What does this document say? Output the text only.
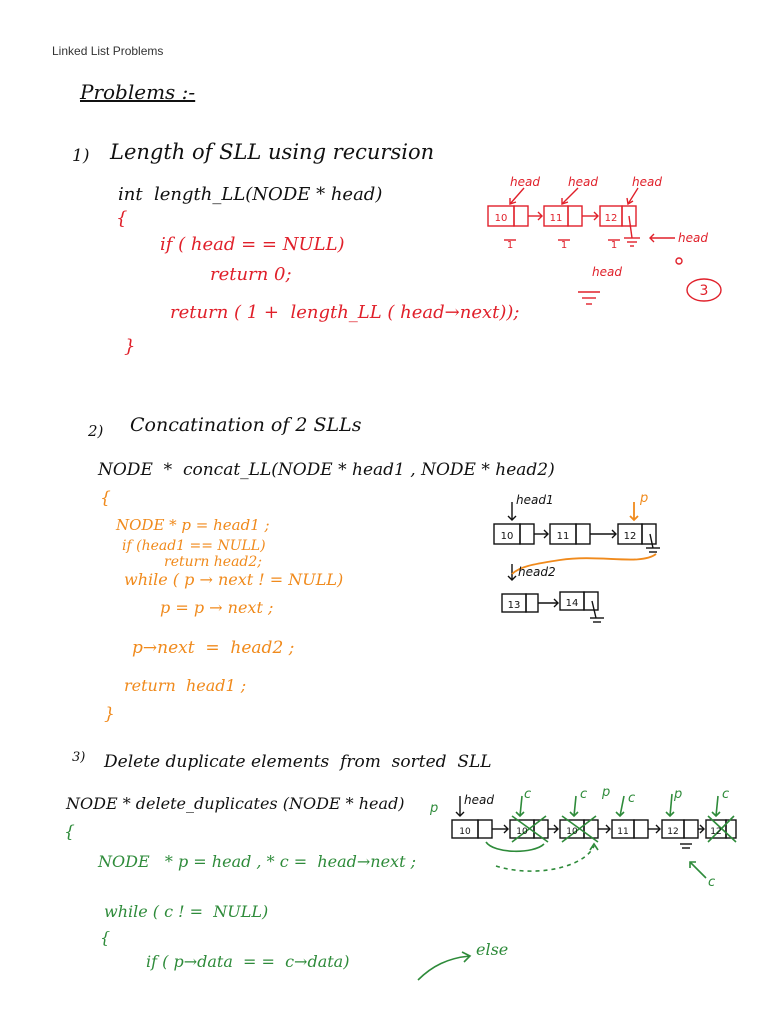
Linked List Problems
Problems :-
1) Length of SLL using recursion
int  length_LL(NODE * head)
{
if ( head = = NULL)
return 0;
return ( 1 +  length_LL ( head→next));
}
10	11	12
head head	head
head
1	1	1
0
3
head
2) Concatination of 2 SLLs
NODE  *  concat_LL(NODE * head1 , NODE * head2)
{
NODE * p = head1 ;
if (head1 == NULL)
return head2;
while ( p → next ! = NULL)
p = p → next ;
p→next  =  head2 ;
return  head1 ;
}
10	11	12
13	14
head1
head2
p
3) Delete duplicate elements  from  sorted  SLL
NODE * delete_duplicates (NODE * head)
{
NODE   * p = head , * c =  head→next ;
while ( c ! =  NULL)
{
if ( p→data  = =  c→data)
else
10	10	10	11	12	12
head
p
c	c p c	p	c
c
